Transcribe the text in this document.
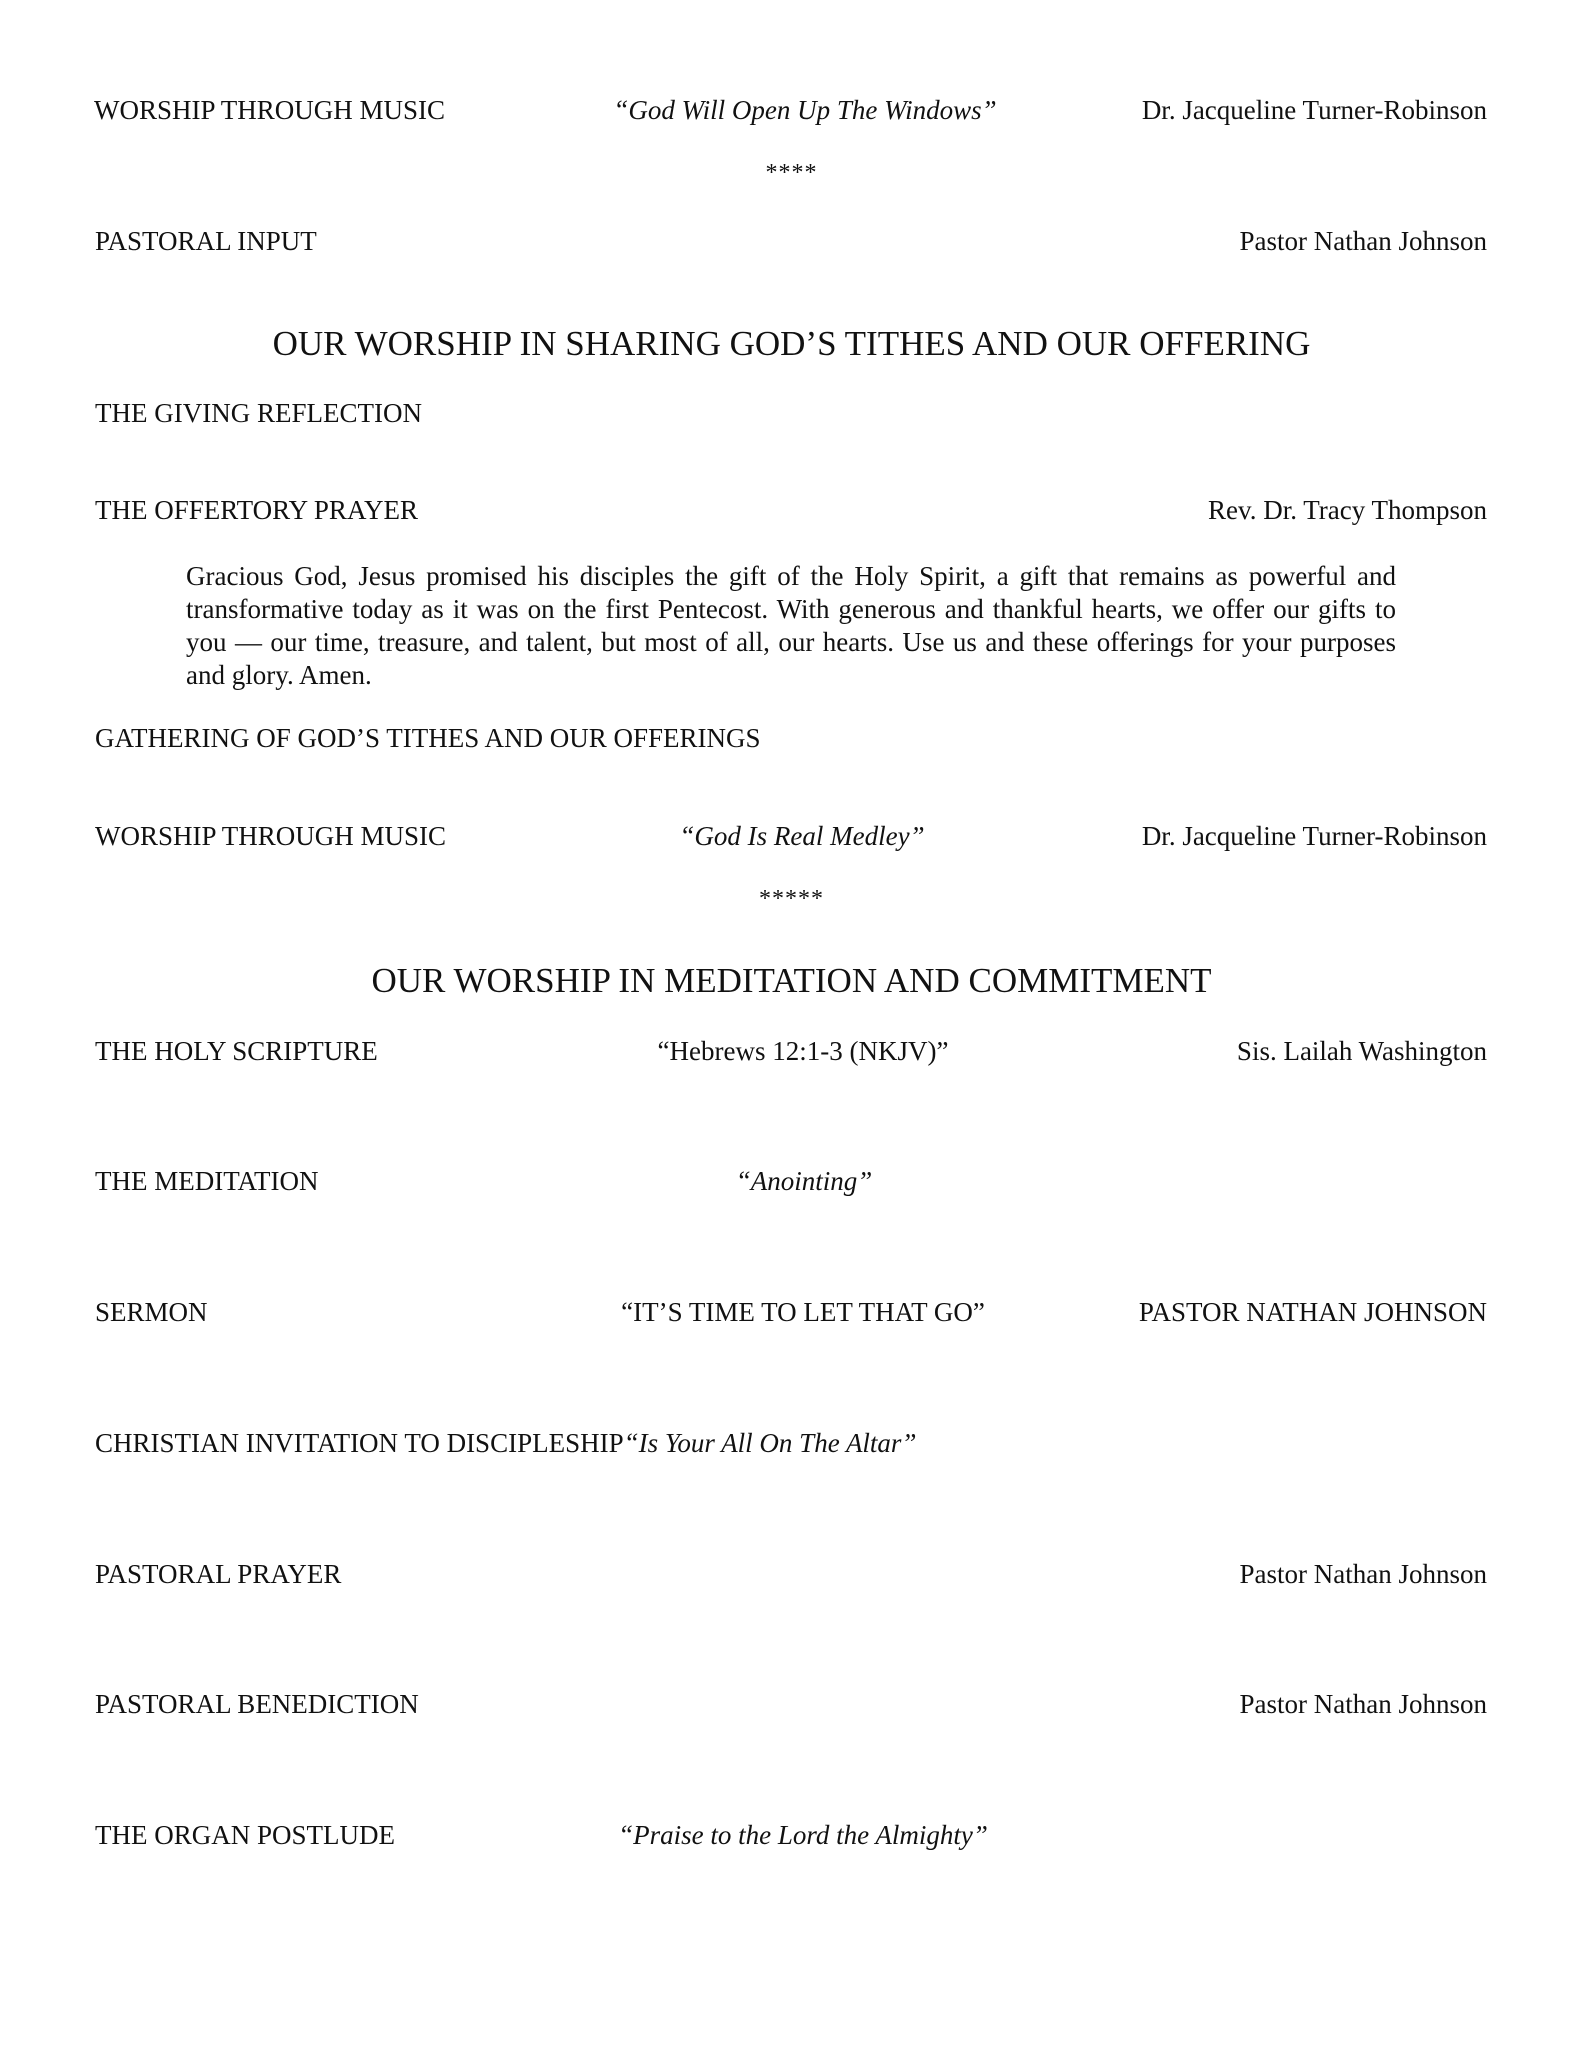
WORSHIP THROUGH MUSIC	“God Will Open Up The Windows”	Dr. Jacqueline Turner-Robinson
****
PASTORAL INPUT	Pastor Nathan Johnson
OUR WORSHIP IN SHARING GOD’S TITHES AND OUR OFFERING
THE GIVING REFLECTION
THE OFFERTORY PRAYER	Rev. Dr. Tracy Thompson
Gracious God, Jesus promised his disciples the gift of the Holy Spirit, a gift that remains as powerful and transformative today as it was on the first Pentecost. With generous and thankful hearts, we offer our gifts to you — our time, treasure, and talent, but most of all, our hearts. Use us and these offerings for your purposes and glory. Amen.
GATHERING OF GOD’S TITHES AND OUR OFFERINGS
WORSHIP THROUGH MUSIC	“God Is Real Medley”	Dr. Jacqueline Turner-Robinson
*****
OUR WORSHIP IN MEDITATION AND COMMITMENT
THE HOLY SCRIPTURE	“Hebrews 12:1-3 (NKJV)”	Sis. Lailah Washington
THE MEDITATION	“Anointing”
SERMON	“IT’S TIME TO LET THAT GO”	PASTOR NATHAN JOHNSON
CHRISTIAN INVITATION TO DISCIPLESHIP“Is Your All On The Altar”
PASTORAL PRAYER	Pastor Nathan Johnson
PASTORAL BENEDICTION	Pastor Nathan Johnson
THE ORGAN POSTLUDE	“Praise to the Lord the Almighty”
